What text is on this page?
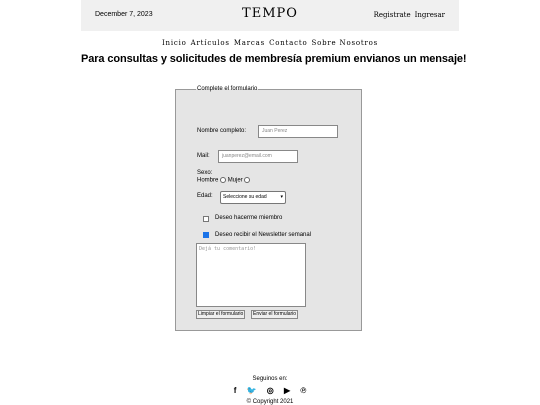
December 7, 2023	TEMPO	Registrate Ingresar
Inicio Artículos Marcas Contacto Sobre Nosotros
Para consultas y solicitudes de membresía premium envianos un mensaje!
Complete el formulario
Nombre completo:	Juan Perez
Mail:	juanperez@email.com
Sexo:
Hombre Mujer
Edad:	Seleccione su edad	▾
Deseo hacerme miembro
Deseo recibir el Newsletter semanal
Dejá tu comentario!
Limpiar el formulario	Enviar el formulario
Seguinos en:
f 🐦 ◎ ▶ ℗
© Copyright 2021
